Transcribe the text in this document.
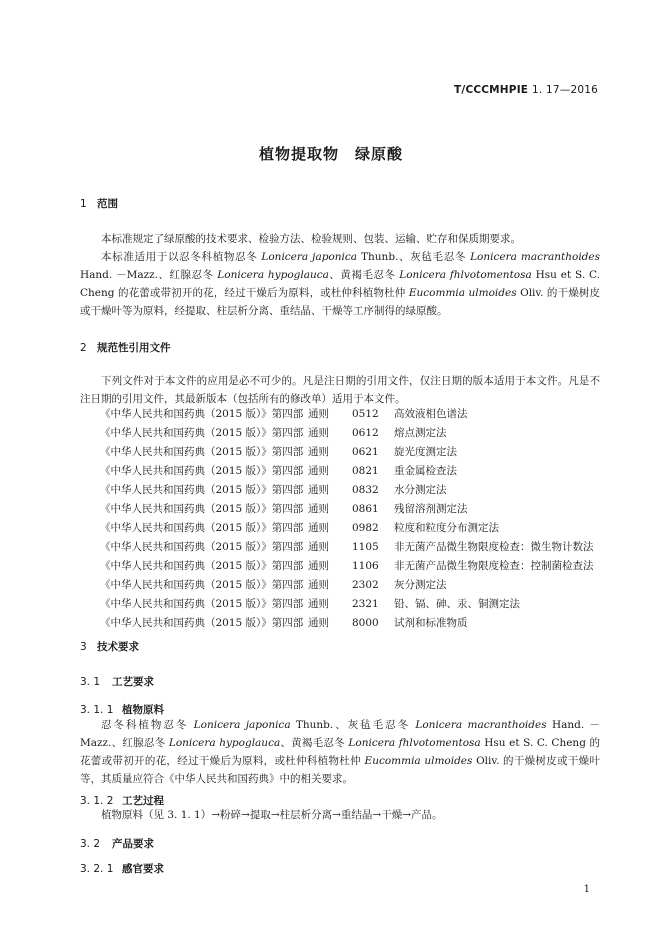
T/CCCMHPIE 1. 17—2016
植物提取物　绿原酸
1 范围

本标准规定了绿原酸的技术要求、检验方法、检验规则、包装、运输、贮存和保质期要求。

本标准适用于以忍冬科植物忍冬 Lonicera japonica Thunb.、灰毡毛忍冬 Lonicera macranthoides Hand. －Mazz.、红腺忍冬 Lonicera hypoglauca、黄褐毛忍冬 Lonicera fhlvotomentosa Hsu et S. C. Cheng 的花蕾或带初开的花，经过干燥后为原料，或杜仲科植物杜仲 Eucommia ulmoides Oliv. 的干燥树皮或干燥叶等为原料，经提取、柱层析分离、重结晶、干燥等工序制得的绿原酸。

2 规范性引用文件

下列文件对于本文件的应用是必不可少的。凡是注日期的引用文件，仅注日期的版本适用于本文件。凡是不注日期的引用文件，其最新版本（包括所有的修改单）适用于本文件。

《中华人民共和国药典（2015 版）》第四部 通则	0512	高效液相色谱法
《中华人民共和国药典（2015 版）》第四部 通则	0612	熔点测定法
《中华人民共和国药典（2015 版）》第四部 通则	0621	旋光度测定法
《中华人民共和国药典（2015 版）》第四部 通则	0821	重金属检查法
《中华人民共和国药典（2015 版）》第四部 通则	0832	水分测定法
《中华人民共和国药典（2015 版）》第四部 通则	0861	残留溶剂测定法
《中华人民共和国药典（2015 版）》第四部 通则	0982	粒度和粒度分布测定法
《中华人民共和国药典（2015 版）》第四部 通则	1105	非无菌产品微生物限度检查：微生物计数法
《中华人民共和国药典（2015 版）》第四部 通则	1106	非无菌产品微生物限度检查：控制菌检查法
《中华人民共和国药典（2015 版）》第四部 通则	2302	灰分测定法
《中华人民共和国药典（2015 版）》第四部 通则	2321	铅、镉、砷、汞、铜测定法
《中华人民共和国药典（2015 版）》第四部 通则	8000	试剂和标准物质
3 技术要求
3. 1 工艺要求
3. 1. 1 植物原料

忍冬科植物忍冬 Lonicera japonica Thunb.、灰毡毛忍冬 Lonicera macranthoides Hand. －Mazz.、红腺忍冬 Lonicera hypoglauca、黄褐毛忍冬 Lonicera fhlvotomentosa Hsu et S. C. Cheng 的花蕾或带初开的花，经过干燥后为原料，或杜仲科植物杜仲 Eucommia ulmoides Oliv. 的干燥树皮或干燥叶等，其质量应符合《中华人民共和国药典》中的相关要求。

3. 1. 2 工艺过程

植物原料（见 3. 1. 1）→粉碎→提取→柱层析分离→重结晶→干燥→产品。

3. 2 产品要求
3. 2. 1 感官要求
1
